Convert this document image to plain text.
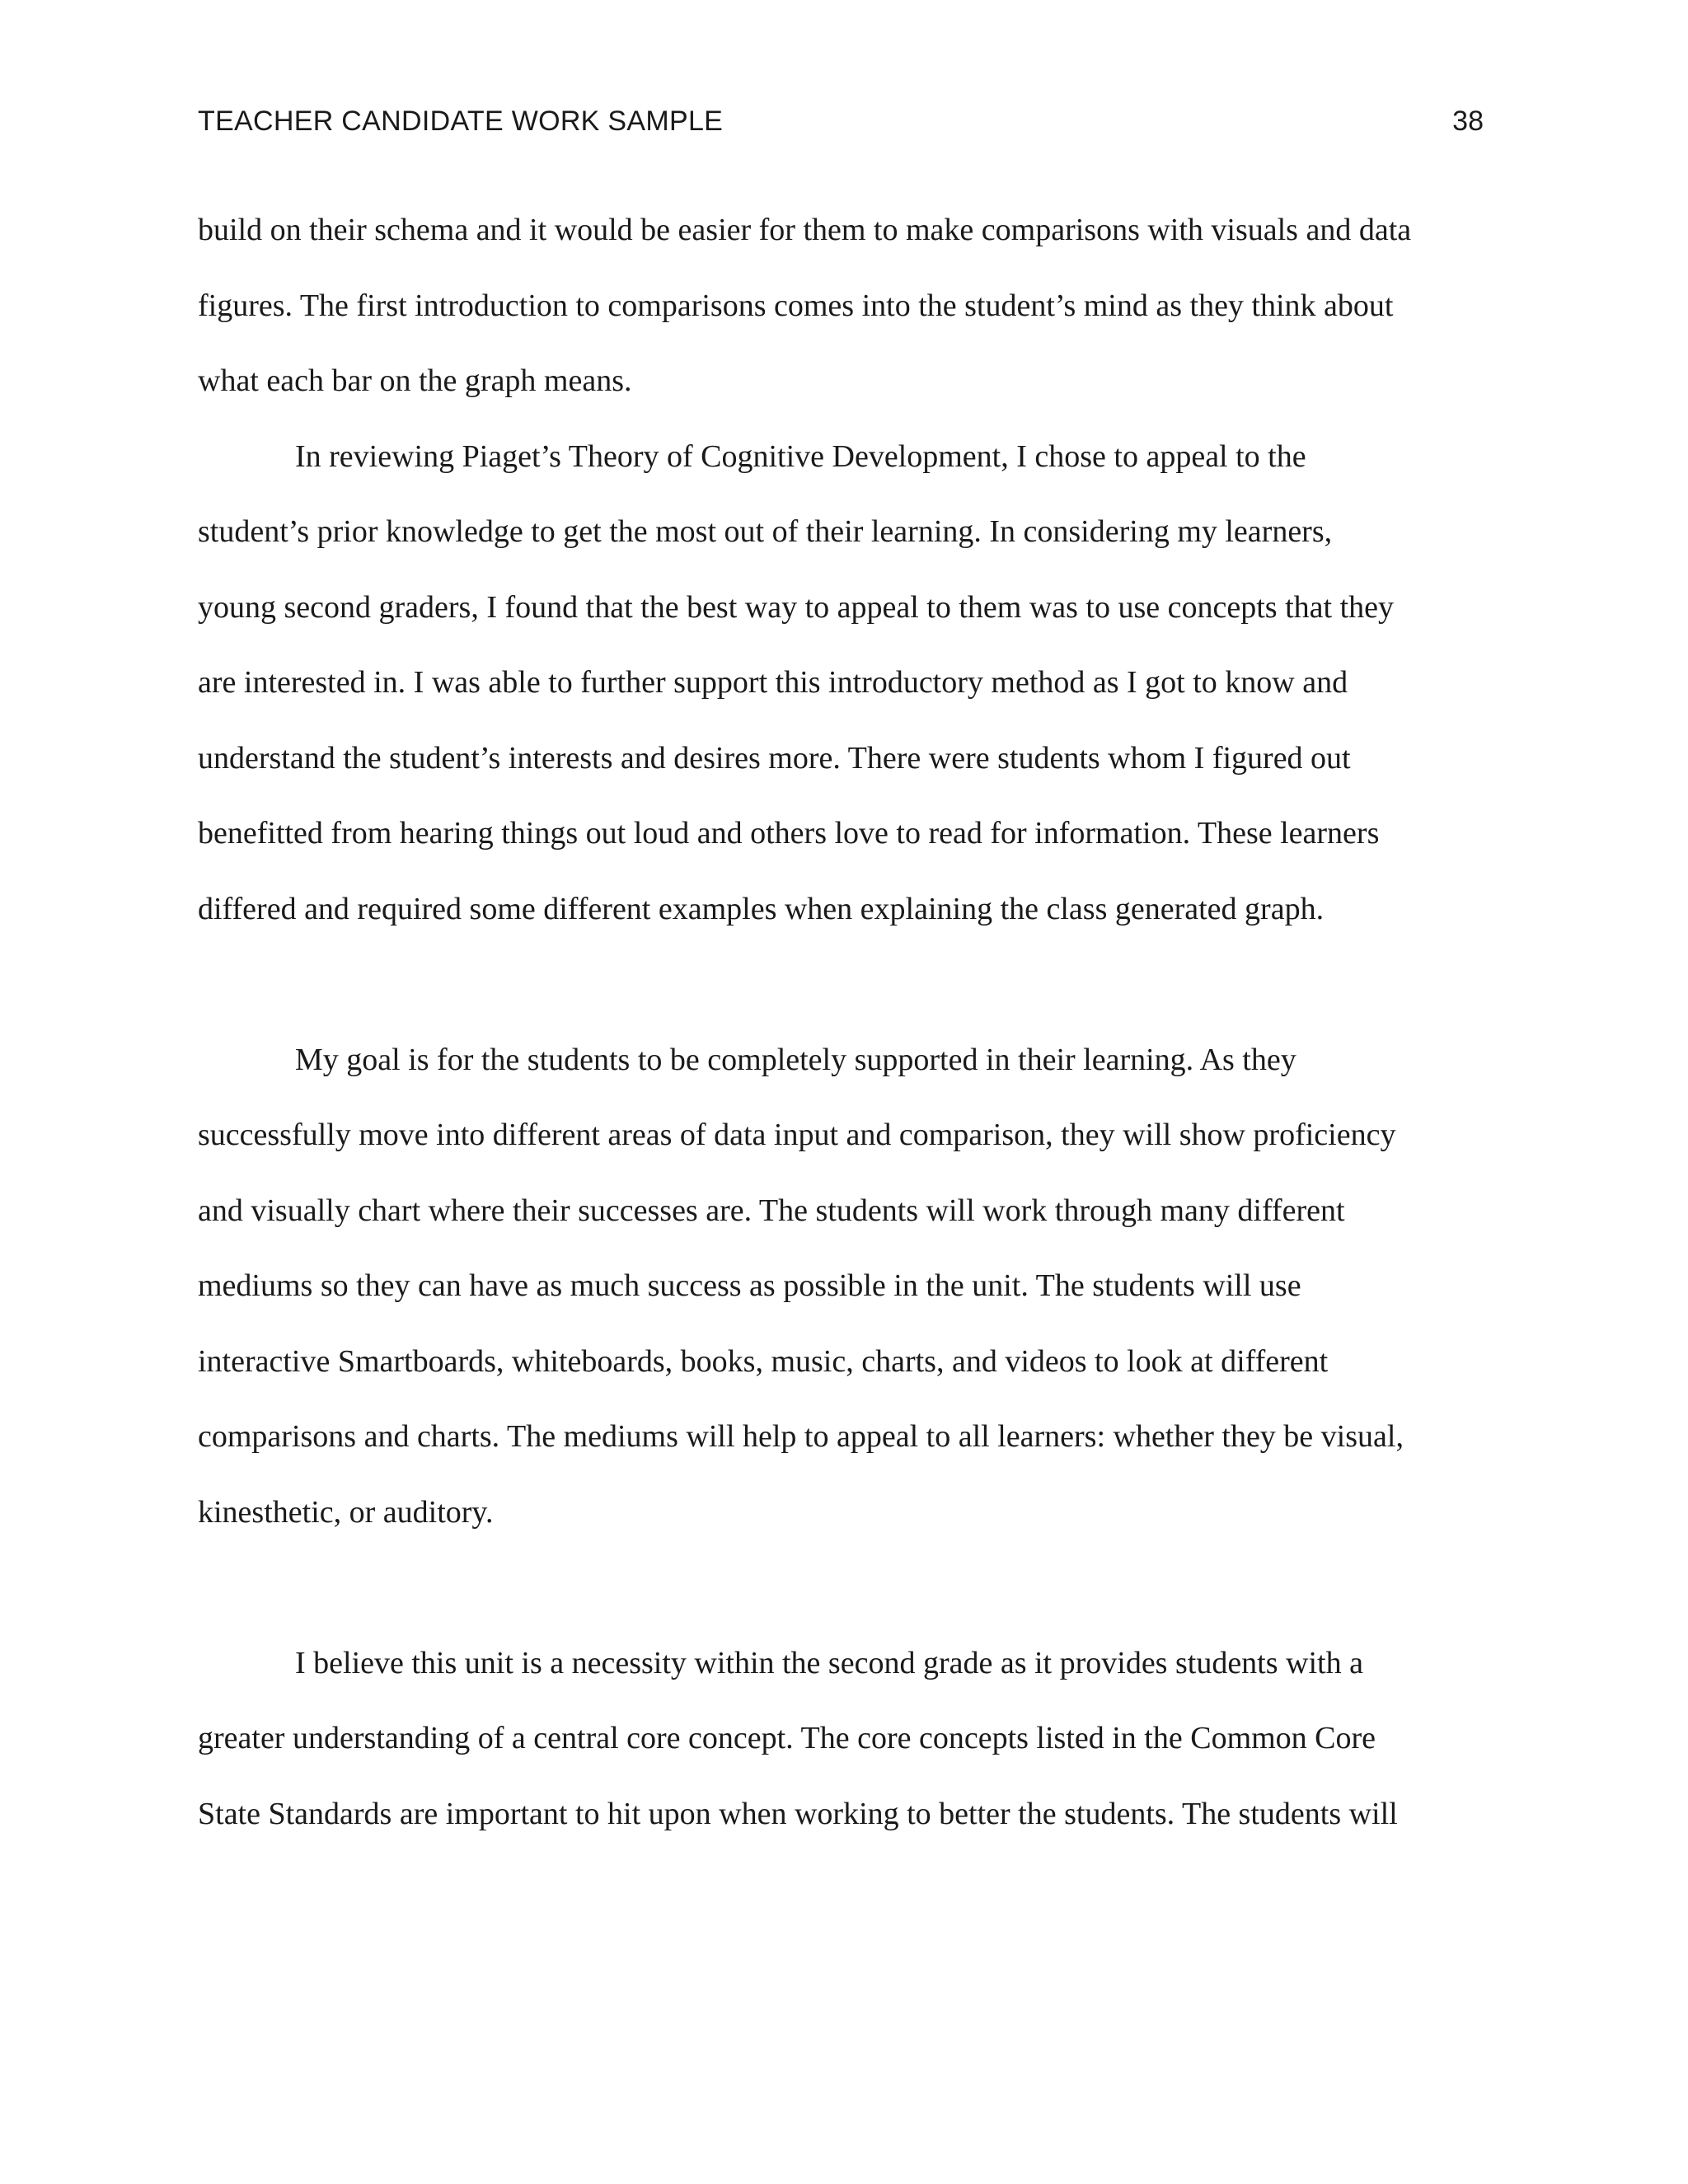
TEACHER CANDIDATE WORK SAMPLE	38
build on their schema and it would be easier for them to make comparisons with visuals and data
figures. The first introduction to comparisons comes into the student’s mind as they think about
what each bar on the graph means.
In reviewing Piaget’s Theory of Cognitive Development, I chose to appeal to the
student’s prior knowledge to get the most out of their learning. In considering my learners,
young second graders, I found that the best way to appeal to them was to use concepts that they
are interested in. I was able to further support this introductory method as I got to know and
understand the student’s interests and desires more. There were students whom I figured out
benefitted from hearing things out loud and others love to read for information. These learners
differed and required some different examples when explaining the class generated graph.
My goal is for the students to be completely supported in their learning. As they
successfully move into different areas of data input and comparison, they will show proficiency
and visually chart where their successes are. The students will work through many different
mediums so they can have as much success as possible in the unit. The students will use
interactive Smartboards, whiteboards, books, music, charts, and videos to look at different
comparisons and charts. The mediums will help to appeal to all learners: whether they be visual,
kinesthetic, or auditory.
I believe this unit is a necessity within the second grade as it provides students with a
greater understanding of a central core concept. The core concepts listed in the Common Core
State Standards are important to hit upon when working to better the students. The students will
